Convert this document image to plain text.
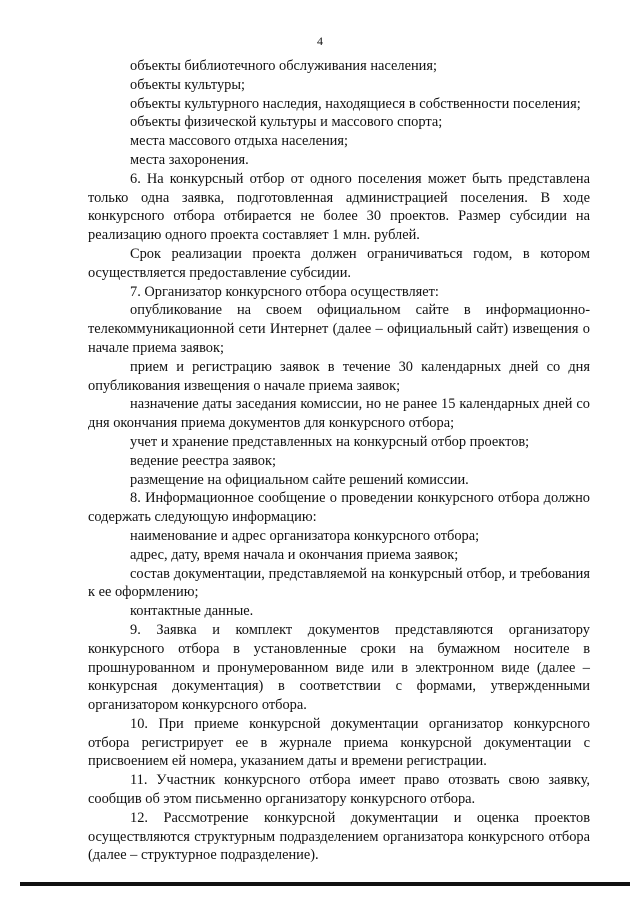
4

объекты библиотечного обслуживания населения;

объекты культуры;

объекты культурного наследия, находящиеся в собственности поселения;

объекты физической культуры и массового спорта;

места массового отдыха населения;

места захоронения.

6. На конкурсный отбор от одного поселения может быть представлена только одна заявка, подготовленная администрацией поселения. В ходе конкурсного отбора отбирается не более 30 проектов. Размер субсидии на реализацию одного проекта составляет 1 млн. рублей.

Срок реализации проекта должен ограничиваться годом, в котором осуществляется предоставление субсидии.

7. Организатор конкурсного отбора осуществляет:

опубликование на своем официальном сайте в информационно-телекоммуникационной сети Интернет (далее – официальный сайт) извещения о начале приема заявок;

прием и регистрацию заявок в течение 30 календарных дней со дня опубликования извещения о начале приема заявок;

назначение даты заседания комиссии, но не ранее 15 календарных дней со дня окончания приема документов для конкурсного отбора;

учет и хранение представленных на конкурсный отбор проектов;

ведение реестра заявок;

размещение на официальном сайте решений комиссии.

8. Информационное сообщение о проведении конкурсного отбора должно содержать следующую информацию:

наименование и адрес организатора конкурсного отбора;

адрес, дату, время начала и окончания приема заявок;

состав документации, представляемой на конкурсный отбор, и требования к ее оформлению;

контактные данные.

9. Заявка и комплект документов представляются организатору конкурсного отбора в установленные сроки на бумажном носителе в прошнурованном и пронумерованном виде или в электронном виде (далее – конкурсная документация) в соответствии с формами, утвержденными организатором конкурсного отбора.

10. При приеме конкурсной документации организатор конкурсного отбора регистрирует ее в журнале приема конкурсной документации с присвоением ей номера, указанием даты и времени регистрации.

11. Участник конкурсного отбора имеет право отозвать свою заявку, сообщив об этом письменно организатору конкурсного отбора.

12. Рассмотрение конкурсной документации и оценка проектов осуществляются структурным подразделением организатора конкурсного отбора (далее – структурное подразделение).
